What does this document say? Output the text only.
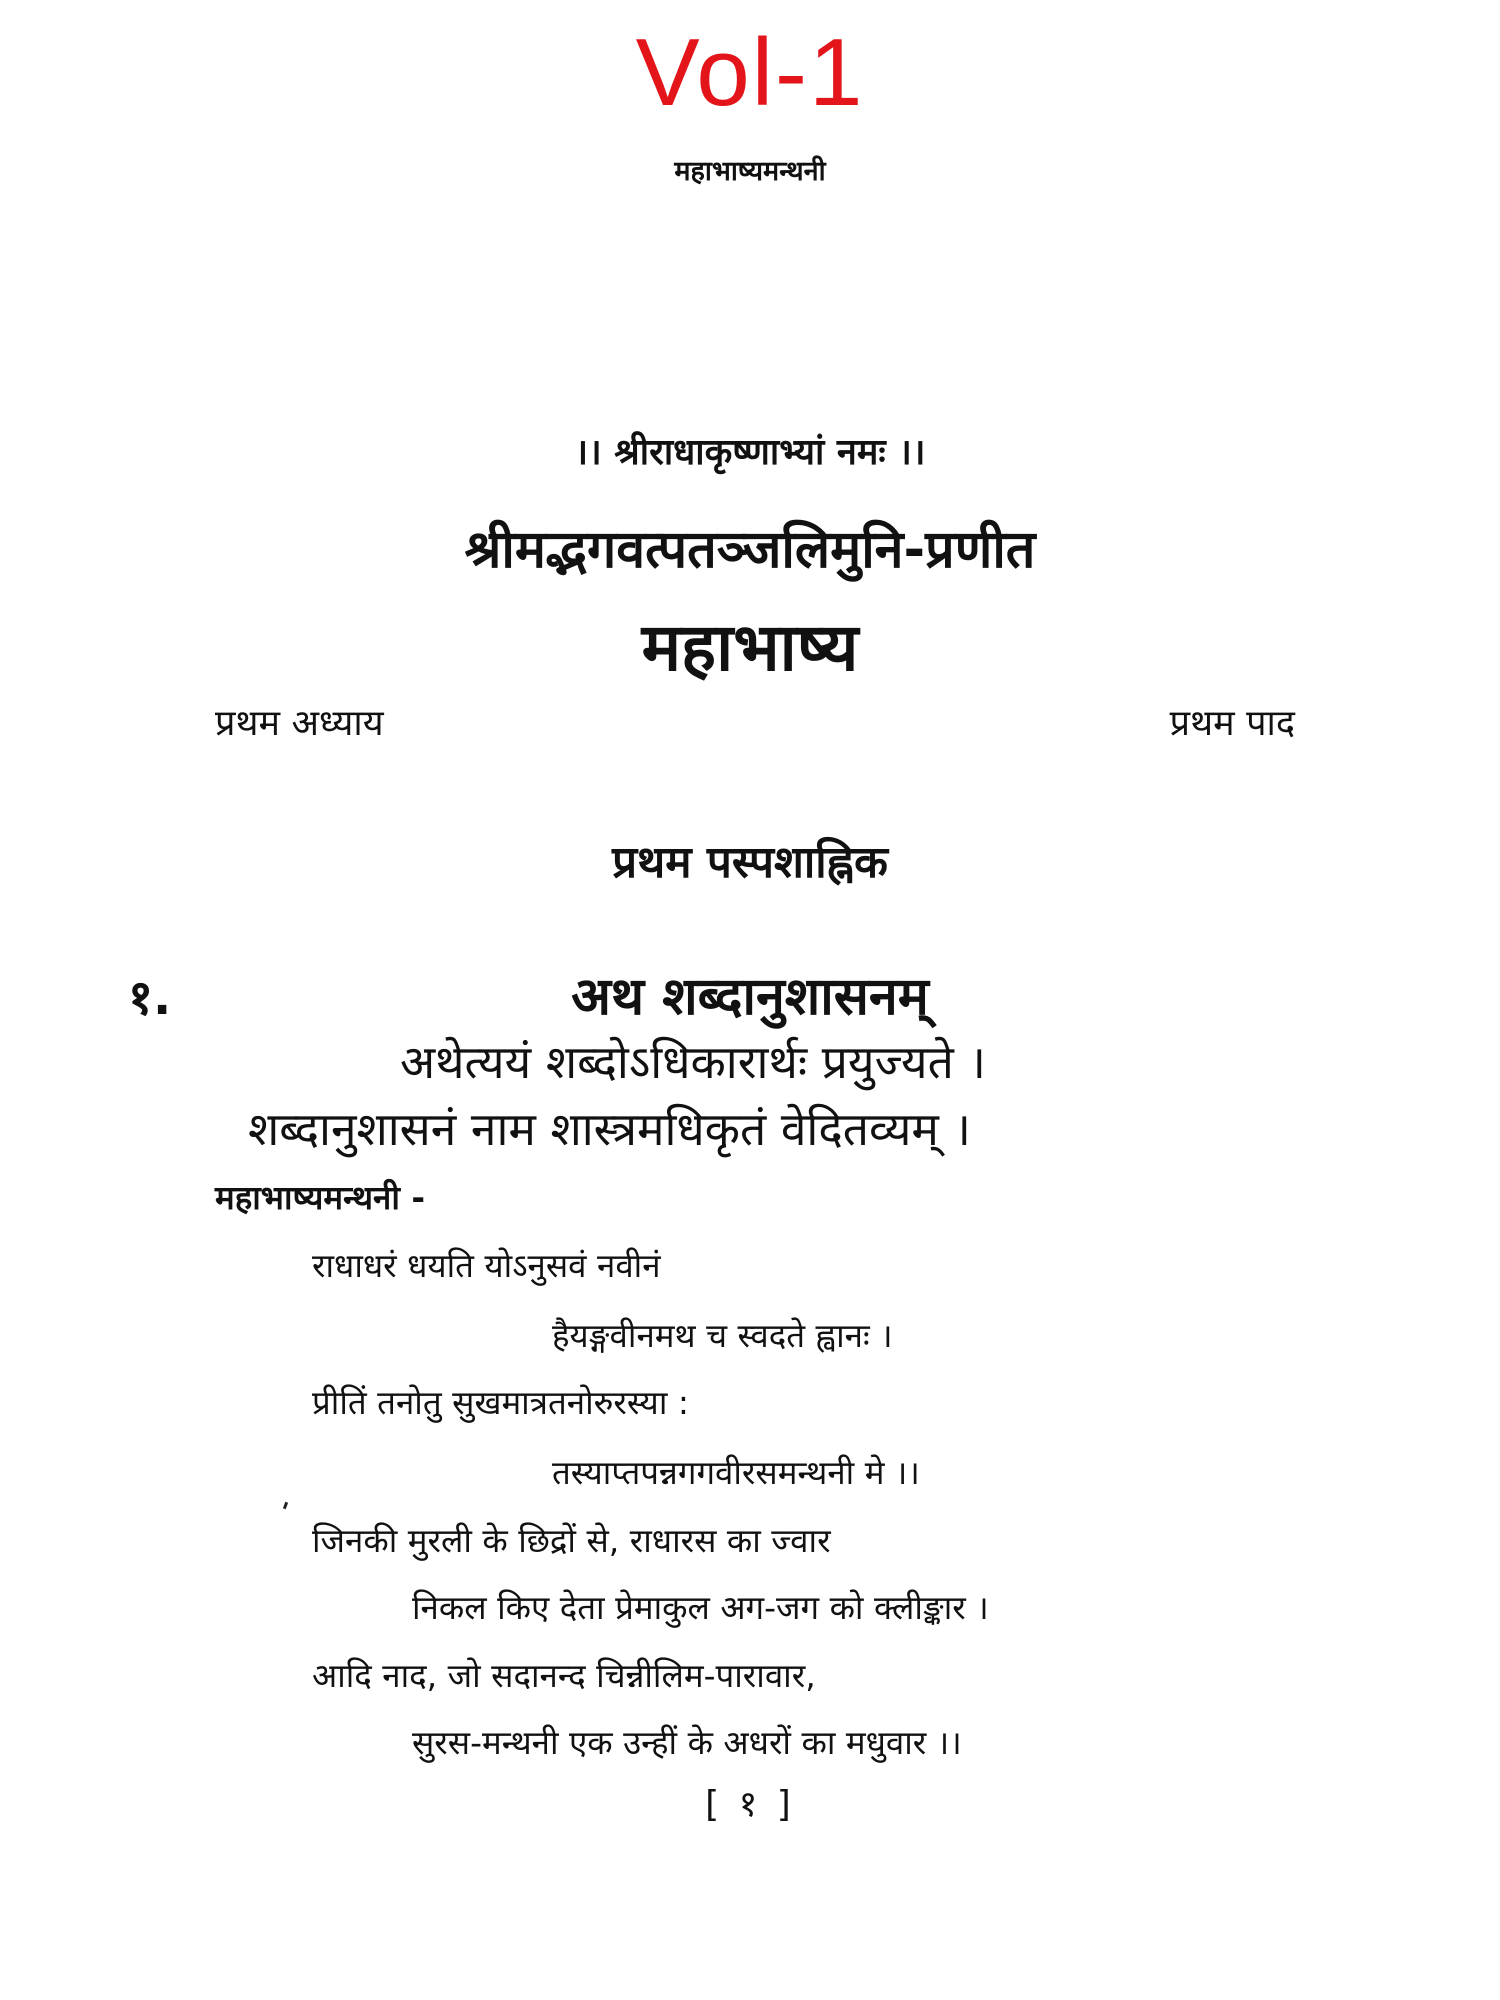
Vol-1
महाभाष्यमन्थनी
।। श्रीराधाकृष्णाभ्यां नमः ।।
श्रीमद्भगवत्पतञ्जलिमुनि-प्रणीत
महाभाष्य
प्रथम अध्याय	प्रथम पाद
प्रथम पस्पशाह्निक
१.	अथ शब्दानुशासनम्
अथेत्ययं शब्दोऽधिकारार्थः प्रयुज्यते ।
शब्दानुशासनं नाम शास्त्रमधिकृतं वेदितव्यम् ।
महाभाष्यमन्थनी -
राधाधरं धयति योऽनुसवं नवीनं
हैयङ्गवीनमथ च स्वदते ह्वानः ।
प्रीतिं तनोतु सुखमात्रतनोरुरस्या :
तस्याप्तपन्नगगवीरसमन्थनी मे ।।
जिनकी मुरली के छिद्रों से, राधारस का ज्वार
निकल किए देता प्रेमाकुल अग-जग को क्लीङ्कार ।
आदि नाद, जो सदानन्द चिन्नीलिम-पारावार,
सुरस-मन्थनी एक उन्हीं के अधरों का मधुवार ।।
[ १ ]
